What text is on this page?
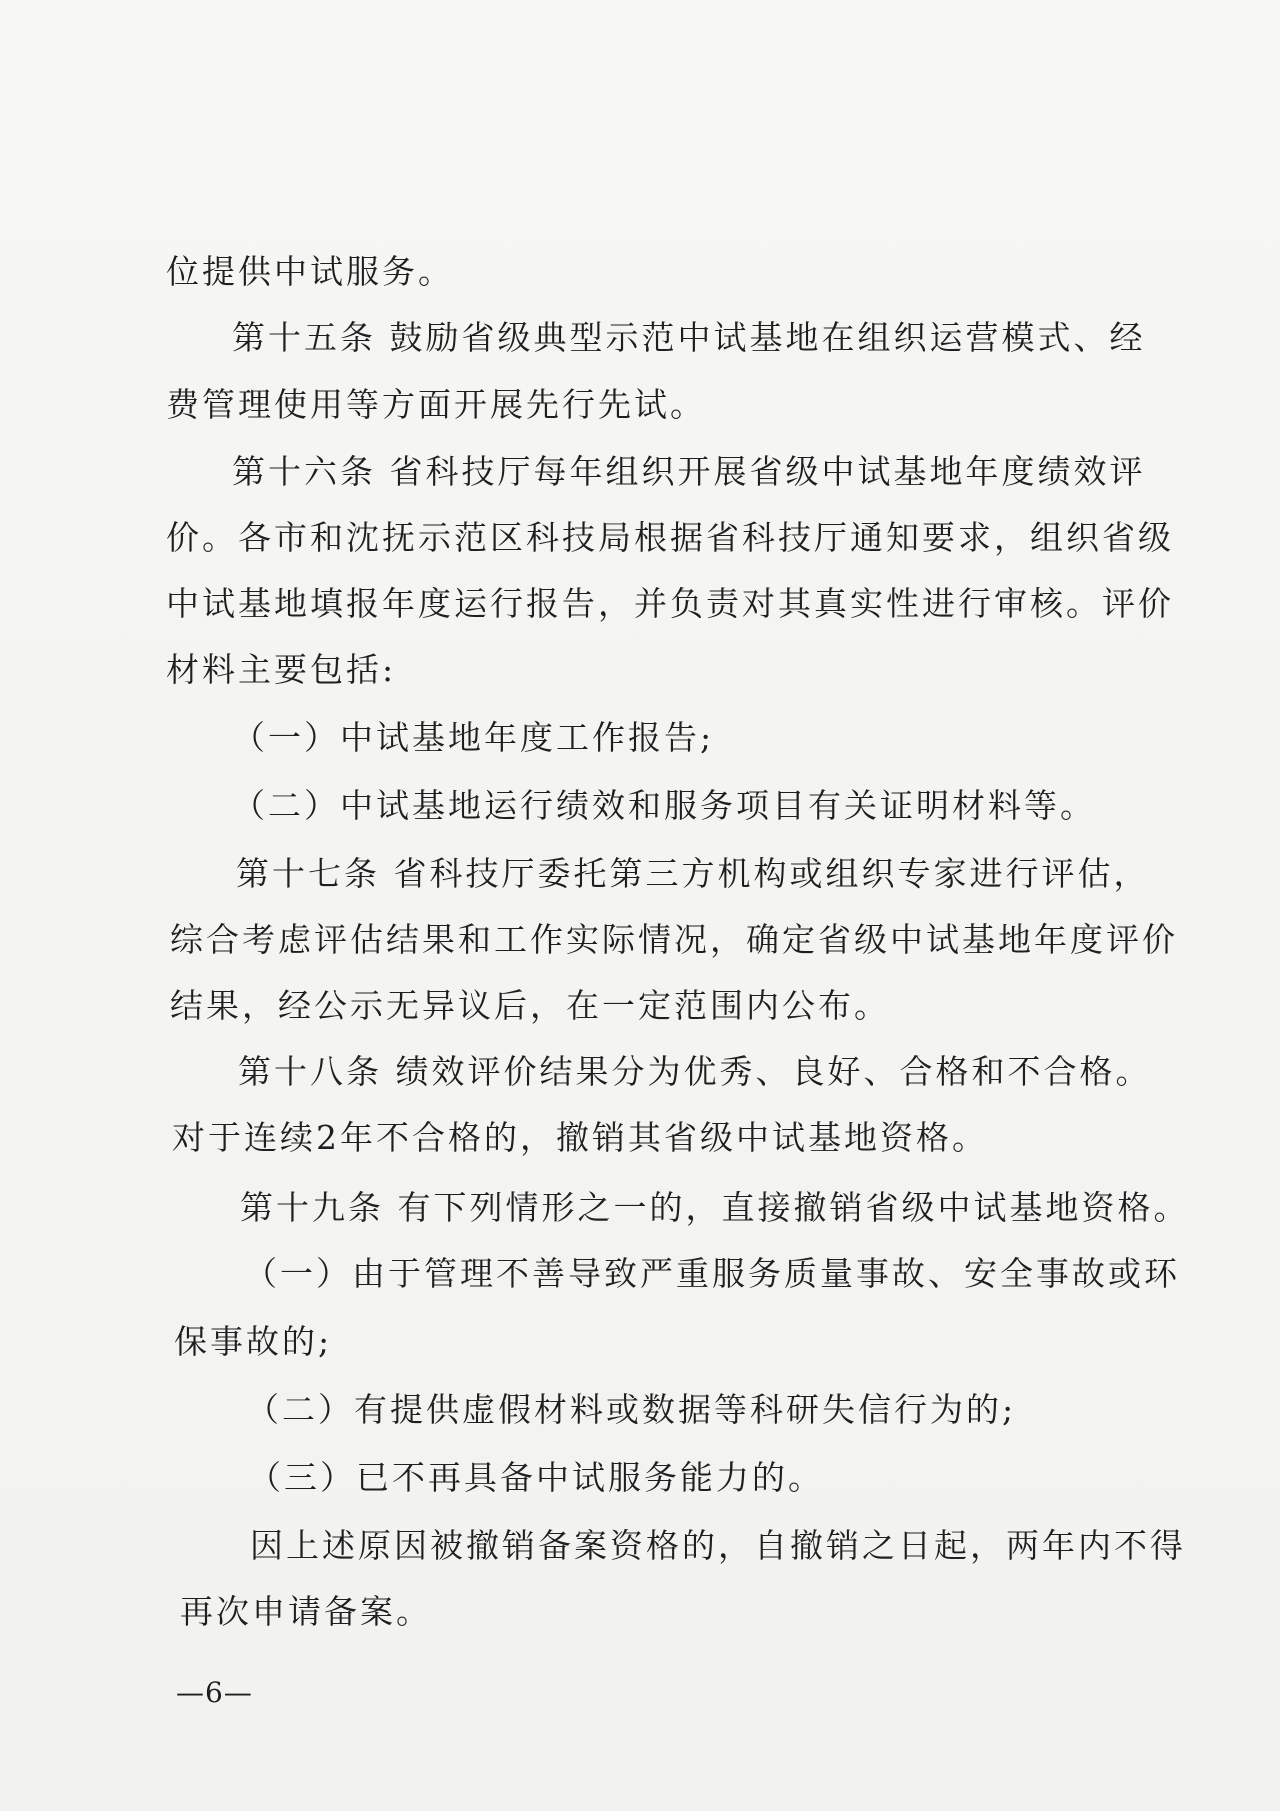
位提供中试服务。
第十五条 鼓励省级典型示范中试基地在组织运营模式、经
费管理使用等方面开展先行先试。
第十六条 省科技厅每年组织开展省级中试基地年度绩效评
价。各市和沈抚示范区科技局根据省科技厅通知要求，组织省级
中试基地填报年度运行报告，并负责对其真实性进行审核。评价
材料主要包括:
（一）中试基地年度工作报告;
（二）中试基地运行绩效和服务项目有关证明材料等。
第十七条 省科技厅委托第三方机构或组织专家进行评估，
综合考虑评估结果和工作实际情况，确定省级中试基地年度评价
结果，经公示无异议后，在一定范围内公布。
第十八条 绩效评价结果分为优秀、良好、合格和不合格。
对于连续2年不合格的，撤销其省级中试基地资格。
第十九条 有下列情形之一的，直接撤销省级中试基地资格。
（一）由于管理不善导致严重服务质量事故、安全事故或环
保事故的;
（二）有提供虚假材料或数据等科研失信行为的;
（三）已不再具备中试服务能力的。
因上述原因被撤销备案资格的，自撤销之日起，两年内不得
再次申请备案。
—6—
